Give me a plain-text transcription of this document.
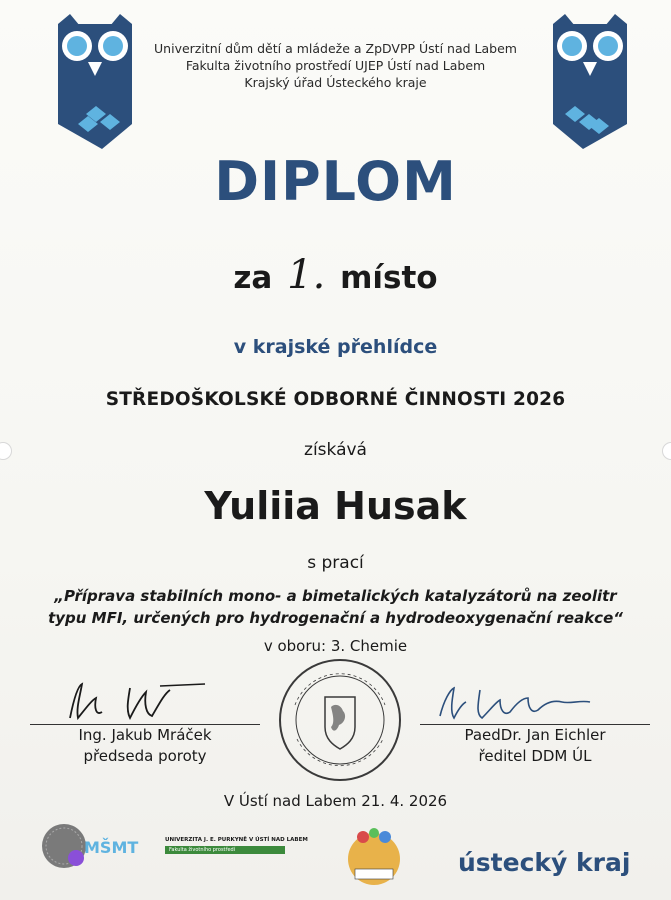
Univerzitní dům dětí a mládeže a ZpDVPP Ústí nad Labem
Fakulta životního prostředí UJEP Ústí nad Labem
Krajský úřad Ústeckého kraje
DIPLOM
za 1. místo
v krajské přehlídce
STŘEDOŠKOLSKÉ ODBORNÉ ČINNOSTI 2026
získává
Yuliia Husak
s prací
„Příprava stabilních mono- a bimetalických katalyzátorů na zeolitr
typu MFI, určených pro hydrogenační a hydrodeoxygenační reakce“
v oboru: 3. Chemie
Ing. Jakub Mráček
předseda poroty
PaedDr. Jan Eichler
ředitel DDM ÚL
V Ústí nad Labem 21. 4. 2026
MŠMT	UNIVERZITA J. E. PURKYNĚ V ÚSTÍ NAD LABEM
Fakulta životního prostředí	ústecký kraj
